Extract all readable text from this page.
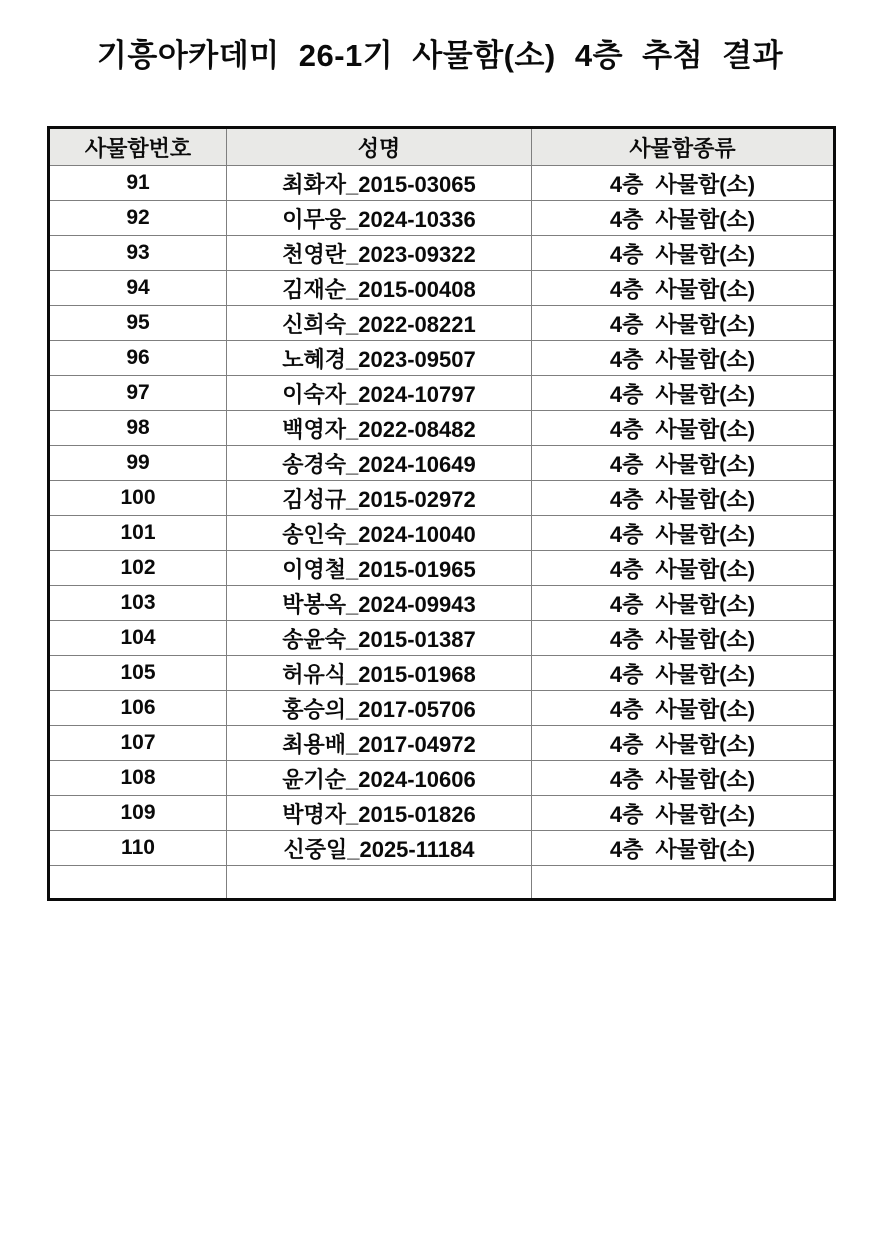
기흥아카데미 26-1기 사물함(소) 4층 추첨 결과
사물함번호	성명	사물함종류
91	최화자_2015-03065	4층 사물함(소)
92	이무웅_2024-10336	4층 사물함(소)
93	천영란_2023-09322	4층 사물함(소)
94	김재순_2015-00408	4층 사물함(소)
95	신희숙_2022-08221	4층 사물함(소)
96	노혜경_2023-09507	4층 사물함(소)
97	이숙자_2024-10797	4층 사물함(소)
98	백영자_2022-08482	4층 사물함(소)
99	송경숙_2024-10649	4층 사물함(소)
100	김성규_2015-02972	4층 사물함(소)
101	송인숙_2024-10040	4층 사물함(소)
102	이영철_2015-01965	4층 사물함(소)
103	박봉옥_2024-09943	4층 사물함(소)
104	송윤숙_2015-01387	4층 사물함(소)
105	허유식_2015-01968	4층 사물함(소)
106	홍승의_2017-05706	4층 사물함(소)
107	최용배_2017-04972	4층 사물함(소)
108	윤기순_2024-10606	4층 사물함(소)
109	박명자_2015-01826	4층 사물함(소)
110	신중일_2025-11184	4층 사물함(소)
